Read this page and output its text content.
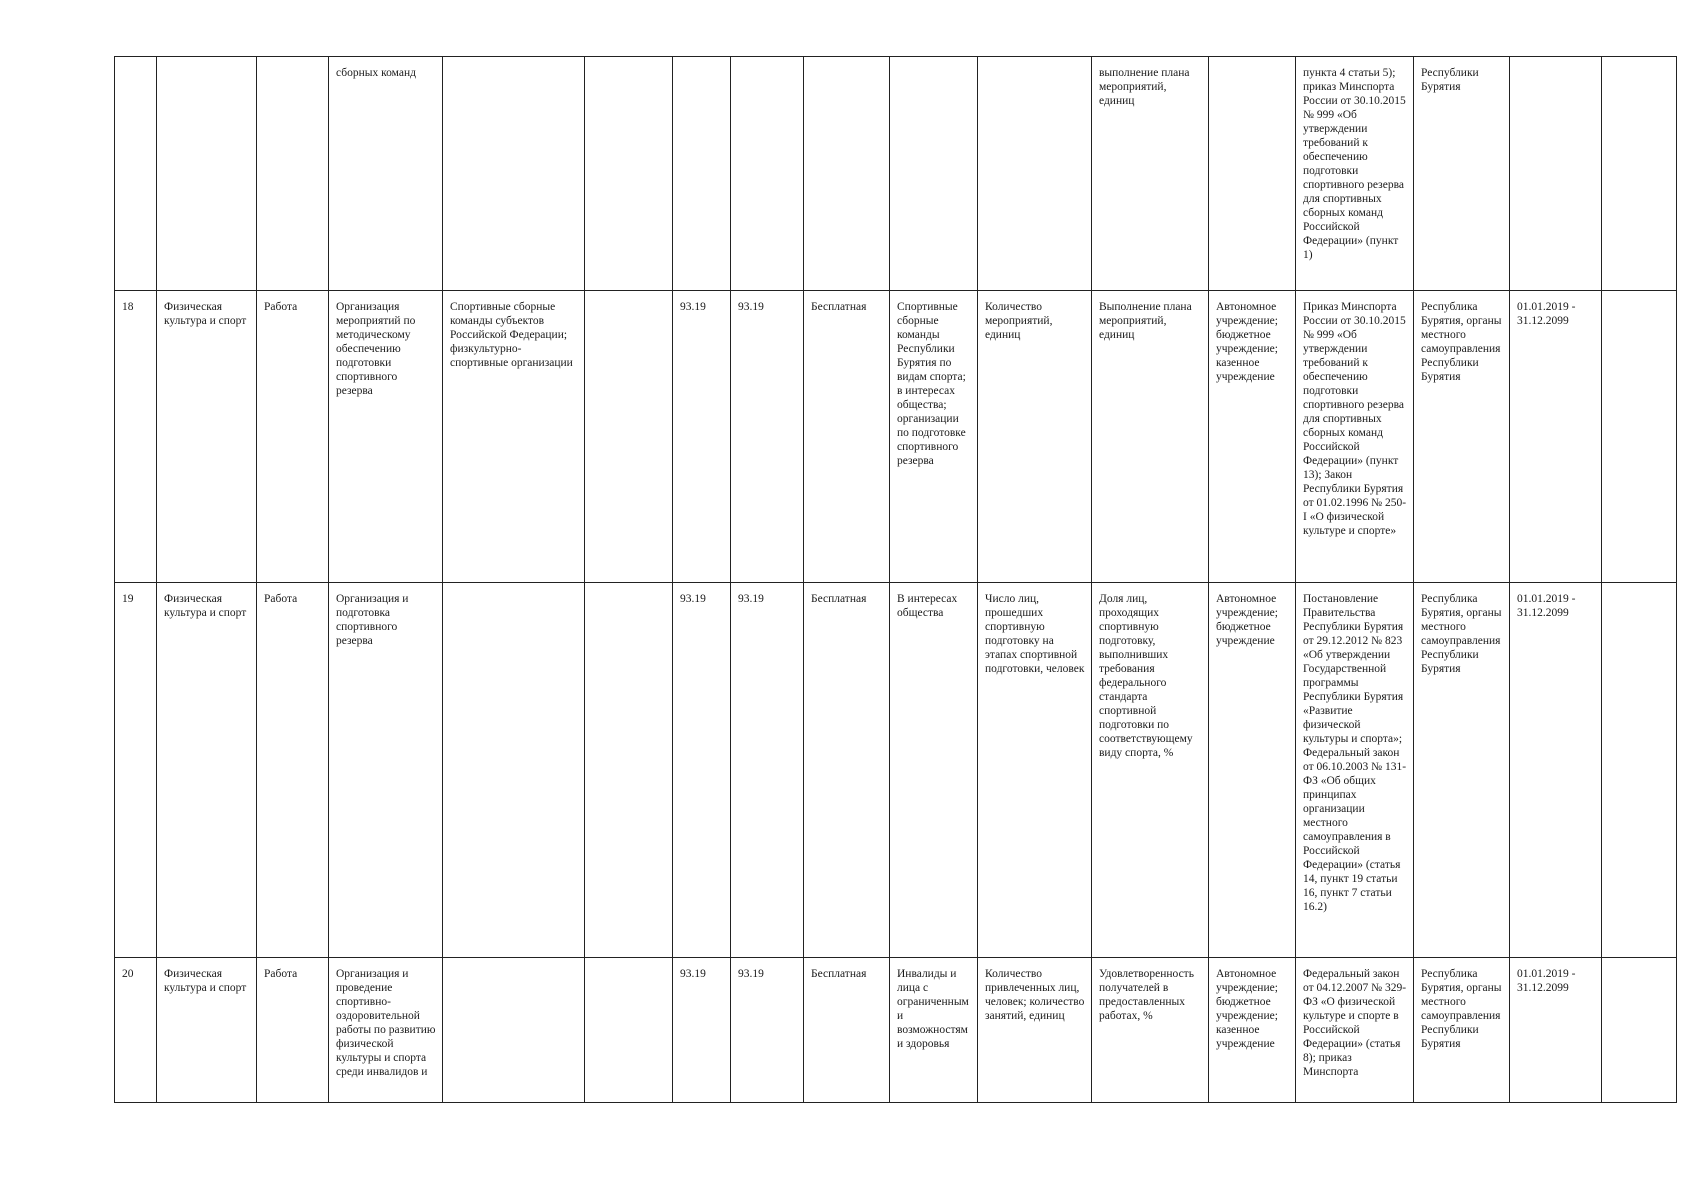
			сборных команд								выполнение плана мероприятий, единиц		пункта 4 статьи 5); приказ Минспорта России от 30.10.2015 № 999 «Об утверждении требований к обеспечению подготовки спортивного резерва для спортивных сборных команд Российской Федерации» (пункт 1)	Республики Бурятия		
18	Физическая культура и спорт	Работа	Организация мероприятий по методическому обеспечению подготовки спортивного резерва	Спортивные сборные команды субъектов Российской Федерации; физкультурно-спортивные организации		93.19	93.19	Бесплатная	Спортивные сборные команды Республики Бурятия по видам спорта; в интересах общества; организации по подготовке спортивного резерва	Количество мероприятий, единиц	Выполнение плана мероприятий, единиц	Автономное учреждение; бюджетное учреждение; казенное учреждение	Приказ Минспорта России от 30.10.2015 № 999 «Об утверждении требований к обеспечению подготовки спортивного резерва для спортивных сборных команд Российской Федерации» (пункт 13); Закон Республики Бурятия от 01.02.1996 № 250-I «О физической культуре и спорте»	Республика Бурятия, органы местного самоуправления Республики Бурятия	01.01.2019 - 31.12.2099	
19	Физическая культура и спорт	Работа	Организация и подготовка спортивного резерва			93.19	93.19	Бесплатная	В интересах общества	Число лиц, прошедших спортивную подготовку на этапах спортивной подготовки, человек	Доля лиц, проходящих спортивную подготовку, выполнивших требования федерального стандарта спортивной подготовки по соответствующему виду спорта, %	Автономное учреждение; бюджетное учреждение	Постановление Правительства Республики Бурятия от 29.12.2012 № 823 «Об утверждении Государственной программы Республики Бурятия «Развитие физической культуры и спорта»; Федеральный закон от 06.10.2003 № 131-ФЗ «Об общих принципах организации местного самоуправления в Российской Федерации» (статья 14, пункт 19 статьи 16, пункт 7 статьи 16.2)	Республика Бурятия, органы местного самоуправления Республики Бурятия	01.01.2019 - 31.12.2099	
20	Физическая культура и спорт	Работа	Организация и проведение спортивно-оздоровительной работы по развитию физической культуры и спорта среди инвалидов и			93.19	93.19	Бесплатная	Инвалиды и лица с ограниченными возможностями здоровья	Количество привлеченных лиц, человек; количество занятий, единиц	Удовлетворенность получателей в предоставленных работах, %	Автономное учреждение; бюджетное учреждение; казенное учреждение	Федеральный закон от 04.12.2007 № 329-ФЗ «О физической культуре и спорте в Российской Федерации» (статья 8); приказ Минспорта	Республика Бурятия, органы местного самоуправления Республики Бурятия	01.01.2019 - 31.12.2099	
